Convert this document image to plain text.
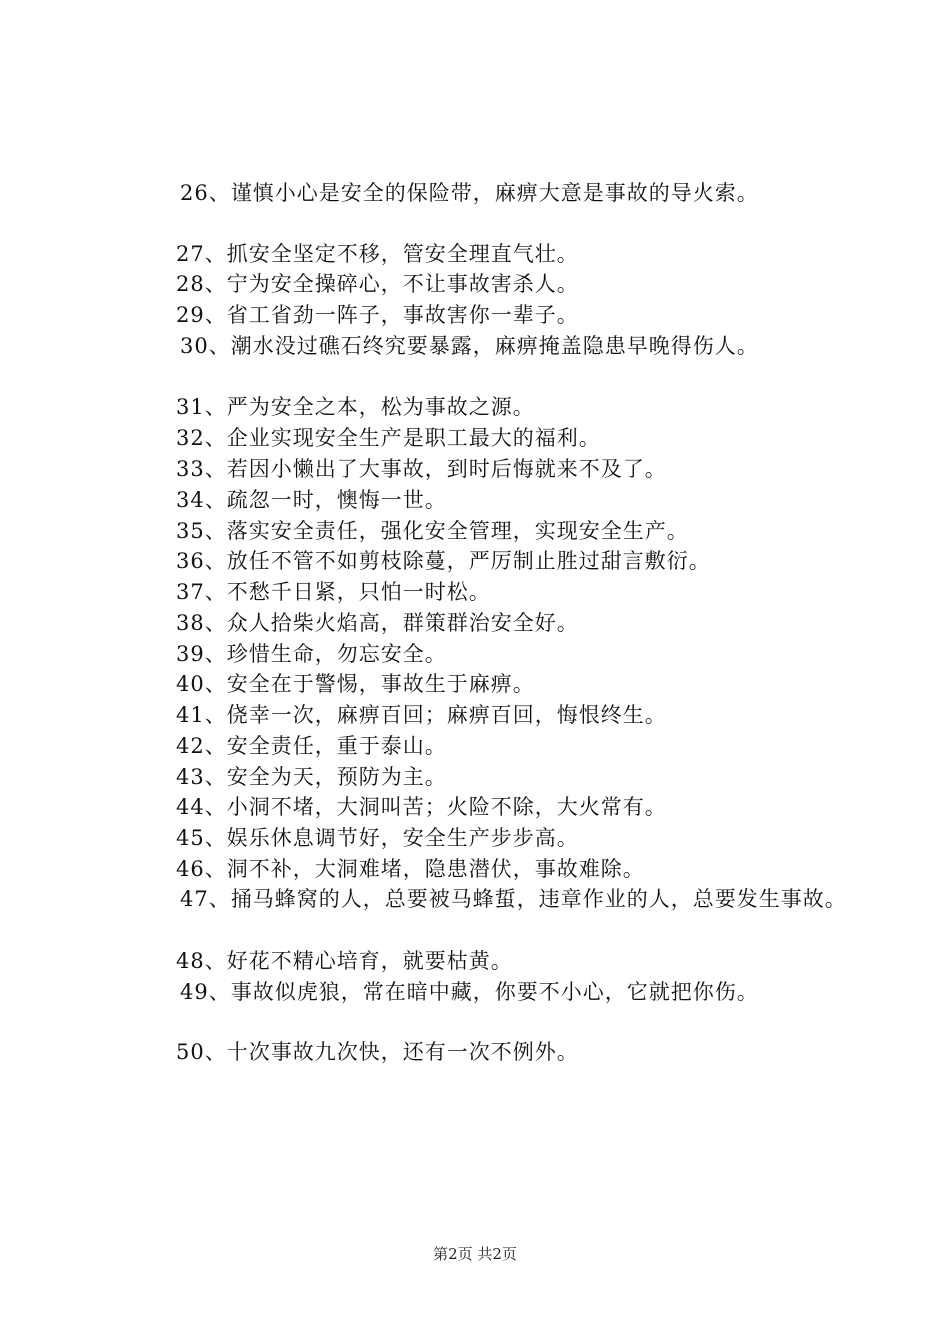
26、谨慎小心是安全的保险带，麻痹大意是事故的导火索。
27、抓安全坚定不移，管安全理直气壮。
28、宁为安全操碎心，不让事故害杀人。
29、省工省劲一阵子，事故害你一辈子。
30、潮水没过礁石终究要暴露，麻痹掩盖隐患早晚得伤人。
31、严为安全之本，松为事故之源。
32、企业实现安全生产是职工最大的福利。
33、若因小懒出了大事故，到时后悔就来不及了。
34、疏忽一时，懊悔一世。
35、落实安全责任，强化安全管理，实现安全生产。
36、放任不管不如剪枝除蔓，严厉制止胜过甜言敷衍。
37、不愁千日紧，只怕一时松。
38、众人拾柴火焰高，群策群治安全好。
39、珍惜生命，勿忘安全。
40、安全在于警惕，事故生于麻痹。
41、侥幸一次，麻痹百回；麻痹百回，悔恨终生。
42、安全责任，重于泰山。
43、安全为天，预防为主。
44、小洞不堵，大洞叫苦；火险不除，大火常有。
45、娱乐休息调节好，安全生产步步高。
46、洞不补，大洞难堵，隐患潜伏，事故难除。
47、捅马蜂窝的人，总要被马蜂蜇，违章作业的人，总要发生事故。
48、好花不精心培育，就要枯黄。
49、事故似虎狼，常在暗中藏，你要不小心，它就把你伤。
50、十次事故九次快，还有一次不例外。
第2页 共2页
